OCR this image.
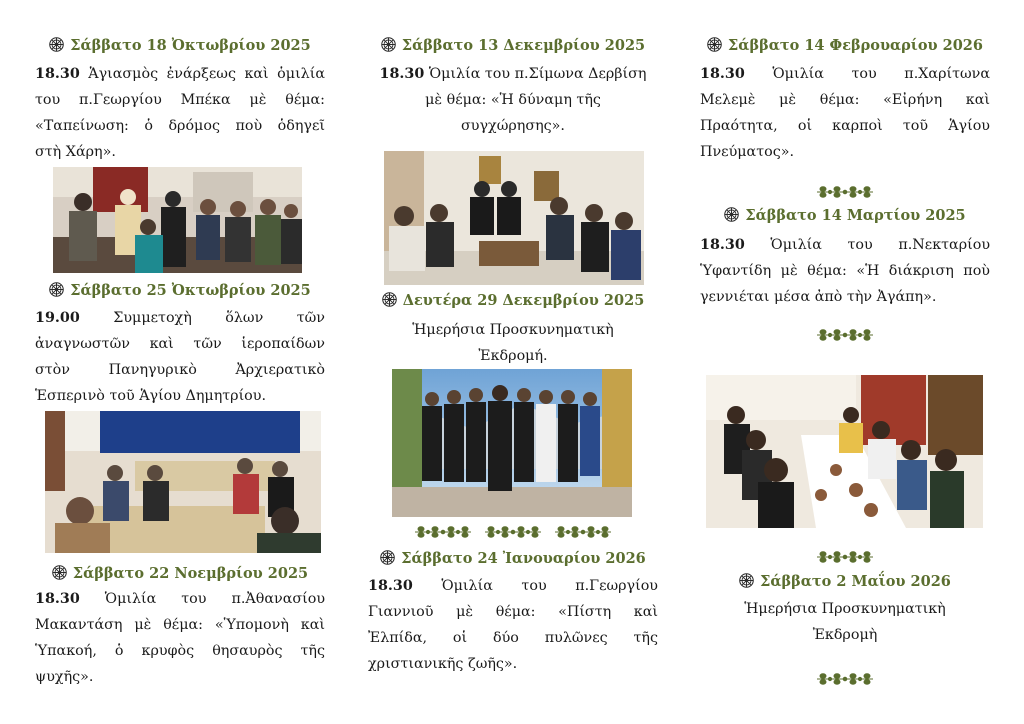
Σάββατο 18 Ὀκτωβρίου 2025
18.30 Ἁγιασμὸς ἐνάρξεως καὶ ὁμιλία
του π.Γεωργίου Μπέκα μὲ θέμα:
«Ταπείνωση: ὁ δρόμος ποὺ ὁδηγεῖ
στὴ Χάρη».
Σάββατο 25 Ὀκτωβρίου 2025
19.00 Συμμετοχὴ ὅλων τῶν
ἀναγνωστῶν καὶ τῶν ἱεροπαίδων
στὸν Πανηγυρικὸ Ἀρχιερατικὸ
Ἑσπερινὸ τοῦ Ἁγίου Δημητρίου.
Σάββατο 22 Νοεμβρίου 2025
18.30 Ὁμιλία του π.Ἀθανασίου
Μακαντάση μὲ θέμα: «Ὑπομονὴ καὶ
Ὑπακοή, ὁ κρυφὸς θησαυρὸς τῆς
ψυχῆς».
Σάββατο 13 Δεκεμβρίου 2025
18.30 Ὁμιλία του π.Σίμωνα Δερβίση
μὲ θέμα: «Ἡ δύναμη τῆς
συγχώρησης».
Δευτέρα 29 Δεκεμβρίου 2025
Ἡμερήσια Προσκυνηματικὴ
Ἐκδρομή.
Σάββατο 24 Ἰανουαρίου 2026
18.30 Ὁμιλία του π.Γεωργίου
Γιαννιοῦ μὲ θέμα: «Πίστη καὶ
Ἐλπίδα, οἱ δύο πυλῶνες τῆς
χριστιανικῆς ζωῆς».
Σάββατο 14 Φεβρουαρίου 2026
18.30 Ὁμιλία του π.Χαρίτωνα
Μελεμὲ μὲ θέμα: «Εἰρήνη καὶ
Πραότητα, οἱ καρποὶ τοῦ Ἁγίου
Πνεύματος».
Σάββατο 14 Μαρτίου 2025
18.30 Ὁμιλία του π.Νεκταρίου
Ὑφαντίδη μὲ θέμα: «Ἡ διάκριση ποὺ
γεννιέται μέσα ἀπὸ τὴν Ἀγάπη».
Σάββατο 2 Μαΐου 2026
Ἡμερήσια Προσκυνηματικὴ
Ἐκδρομὴ
